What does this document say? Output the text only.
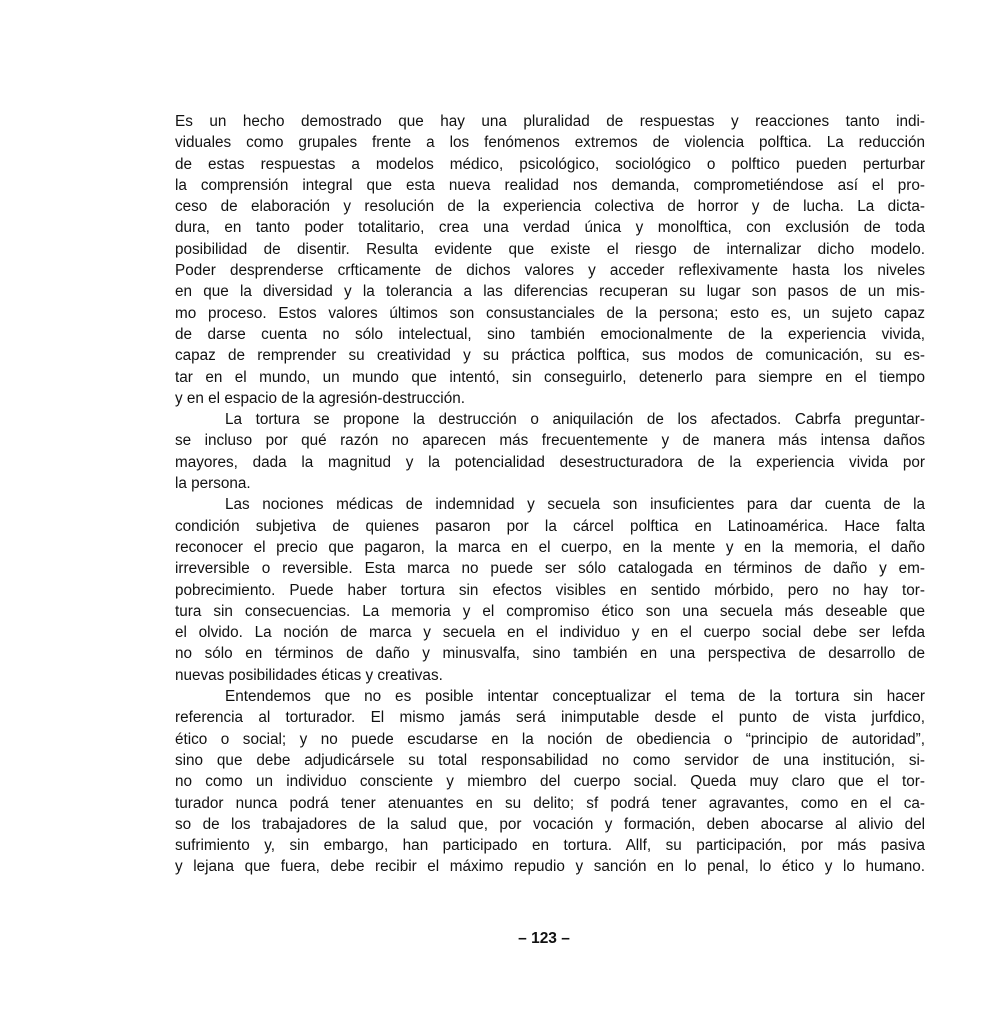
Es un hecho demostrado que hay una pluralidad de respuestas y reacciones tanto indi-
viduales como grupales frente a los fenómenos extremos de violencia polftica. La reducción
de estas respuestas a modelos médico, psicológico, sociológico o polftico pueden perturbar
la comprensión integral que esta nueva realidad nos demanda, comprometiéndose así el pro-
ceso de elaboración y resolución de la experiencia colectiva de horror y de lucha. La dicta-
dura, en tanto poder totalitario, crea una verdad única y monolftica, con exclusión de toda
posibilidad de disentir. Resulta evidente que existe el riesgo de internalizar dicho modelo.
Poder desprenderse crfticamente de dichos valores y acceder reflexivamente hasta los niveles
en que la diversidad y la tolerancia a las diferencias recuperan su lugar son pasos de un mis-
mo proceso. Estos valores últimos son consustanciales de la persona; esto es, un sujeto capaz
de darse cuenta no sólo intelectual, sino también emocionalmente de la experiencia vivida,
capaz de remprender su creatividad y su práctica polftica, sus modos de comunicación, su es-
tar en el mundo, un mundo que intentó, sin conseguirlo, detenerlo para siempre en el tiempo
y en el espacio de la agresión-destrucción.
La tortura se propone la destrucción o aniquilación de los afectados. Cabrfa preguntar-
se incluso por qué razón no aparecen más frecuentemente y de manera más intensa daños
mayores, dada la magnitud y la potencialidad desestructuradora de la experiencia vivida por
la persona.
Las nociones médicas de indemnidad y secuela son insuficientes para dar cuenta de la
condición subjetiva de quienes pasaron por la cárcel polftica en Latinoamérica. Hace falta
reconocer el precio que pagaron, la marca en el cuerpo, en la mente y en la memoria, el daño
irreversible o reversible. Esta marca no puede ser sólo catalogada en términos de daño y em-
pobrecimiento. Puede haber tortura sin efectos visibles en sentido mórbido, pero no hay tor-
tura sin consecuencias. La memoria y el compromiso ético son una secuela más deseable que
el olvido. La noción de marca y secuela en el individuo y en el cuerpo social debe ser lefda
no sólo en términos de daño y minusvalfa, sino también en una perspectiva de desarrollo de
nuevas posibilidades éticas y creativas.
Entendemos que no es posible intentar conceptualizar el tema de la tortura sin hacer
referencia al torturador. El mismo jamás será inimputable desde el punto de vista jurfdico,
ético o social; y no puede escudarse en la noción de obediencia o “principio de autoridad”,
sino que debe adjudicársele su total responsabilidad no como servidor de una institución, si-
no como un individuo consciente y miembro del cuerpo social. Queda muy claro que el tor-
turador nunca podrá tener atenuantes en su delito; sf podrá tener agravantes, como en el ca-
so de los trabajadores de la salud que, por vocación y formación, deben abocarse al alivio del
sufrimiento y, sin embargo, han participado en tortura. Allf, su participación, por más pasiva
y lejana que fuera, debe recibir el máximo repudio y sanción en lo penal, lo ético y lo humano.
– 123 –
